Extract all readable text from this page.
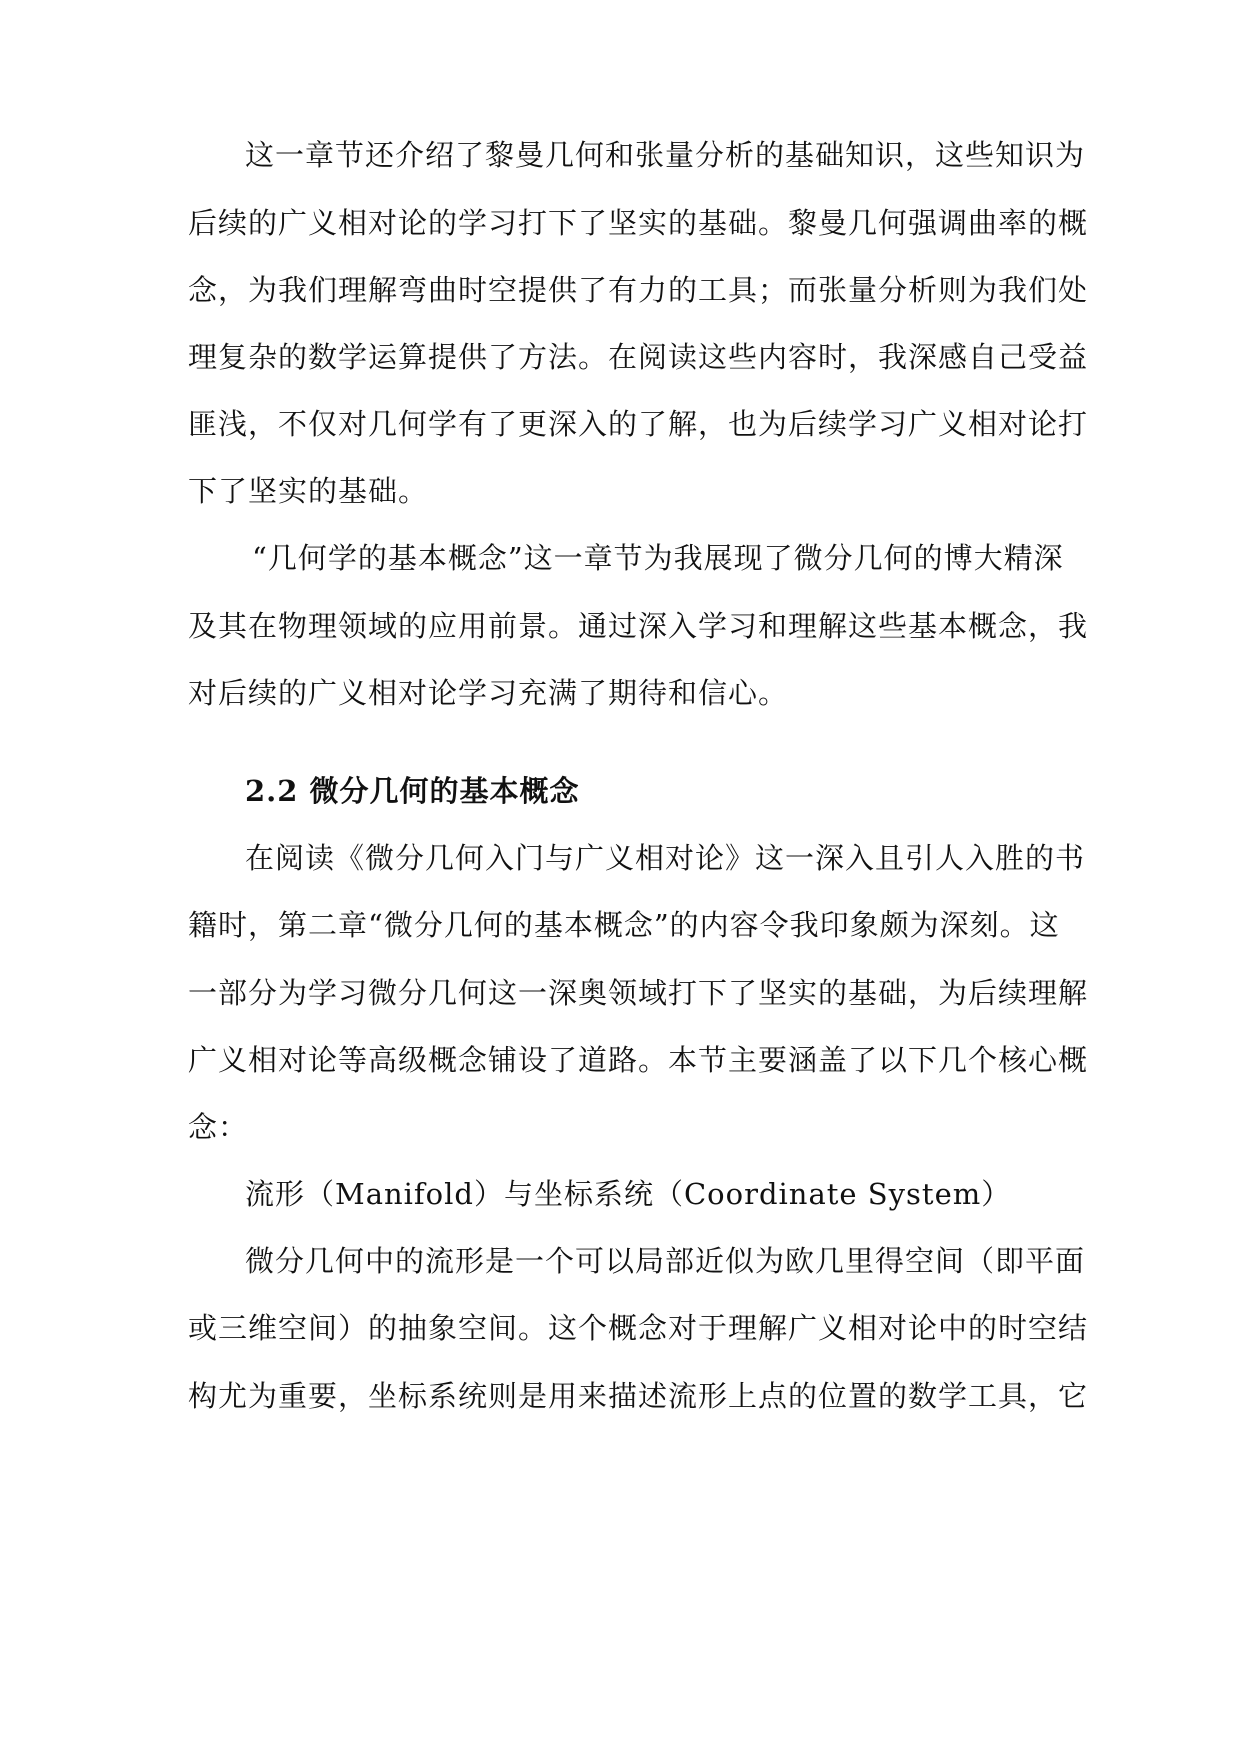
这一章节还介绍了黎曼几何和张量分析的基础知识，这些知识为
后续的广义相对论的学习打下了坚实的基础。黎曼几何强调曲率的概
念，为我们理解弯曲时空提供了有力的工具；而张量分析则为我们处
理复杂的数学运算提供了方法。在阅读这些内容时，我深感自己受益
匪浅，不仅对几何学有了更深入的了解，也为后续学习广义相对论打
下了坚实的基础。
“几何学的基本概念”这一章节为我展现了微分几何的博大精深
及其在物理领域的应用前景。通过深入学习和理解这些基本概念，我
对后续的广义相对论学习充满了期待和信心。
2.2 微分几何的基本概念
在阅读《微分几何入门与广义相对论》这一深入且引人入胜的书
籍时，第二章“微分几何的基本概念”的内容令我印象颇为深刻。这
一部分为学习微分几何这一深奥领域打下了坚实的基础，为后续理解
广义相对论等高级概念铺设了道路。本节主要涵盖了以下几个核心概
念：
流形（Manifold）与坐标系统（Coordinate System）
微分几何中的流形是一个可以局部近似为欧几里得空间（即平面
或三维空间）的抽象空间。这个概念对于理解广义相对论中的时空结
构尤为重要，坐标系统则是用来描述流形上点的位置的数学工具，它
